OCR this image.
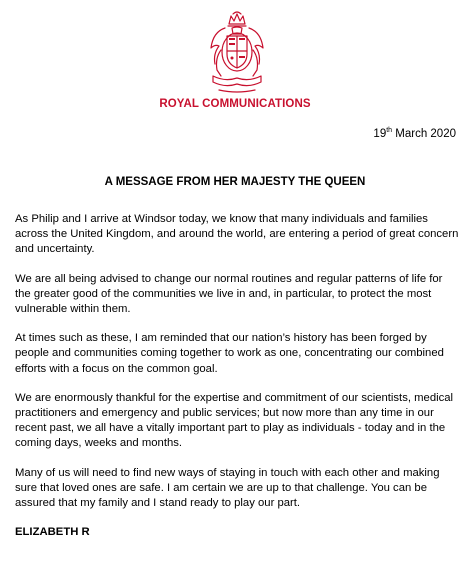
ROYAL COMMUNICATIONS
19th March 2020
A MESSAGE FROM HER MAJESTY THE QUEEN

As Philip and I arrive at Windsor today, we know that many individuals and families across the United Kingdom, and around the world, are entering a period of great concern and uncertainty.

We are all being advised to change our normal routines and regular patterns of life for the greater good of the communities we live in and, in particular, to protect the most vulnerable within them.

At times such as these, I am reminded that our nation’s history has been forged by people and communities coming together to work as one, concentrating our combined efforts with a focus on the common goal.

We are enormously thankful for the expertise and commitment of our scientists, medical practitioners and emergency and public services; but now more than any time in our recent past, we all have a vitally important part to play as individuals - today and in the coming days, weeks and months.

Many of us will need to find new ways of staying in touch with each other and making sure that loved ones are safe. I am certain we are up to that challenge. You can be assured that my family and I stand ready to play our part.

ELIZABETH R
